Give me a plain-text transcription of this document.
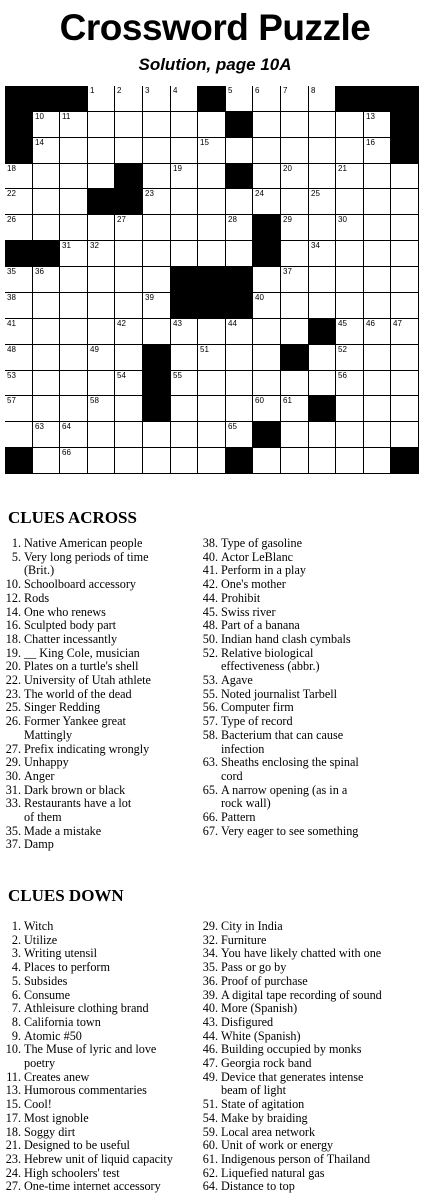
Crossword Puzzle
Solution, page 10A
1	2	3	4	5	6	7	8
10 11	13
14	15	16
18	19	20	21
22	23	24	25
26	27	28	29	30
31 32	34
35 36	37
38	39	40
41	42	43	44	45 46 47
48	49	51	52
53	54	55	56
57	58	60 61
63 64	65
66
CLUES ACROSS
1. Native American people
5. Very long periods of time
(Brit.)
10. Schoolboard accessory
12. Rods
14. One who renews
16. Sculpted body part
18. Chatter incessantly
19. __ King Cole, musician
20. Plates on a turtle's shell
22. University of Utah athlete
23. The world of the dead
25. Singer Redding
26. Former Yankee great
Mattingly
27. Prefix indicating wrongly
29. Unhappy
30. Anger
31. Dark brown or black
33. Restaurants have a lot
of them
35. Made a mistake
37. Damp
38. Type of gasoline
40. Actor LeBlanc
41. Perform in a play
42. One's mother
44. Prohibit
45. Swiss river
48. Part of a banana
50. Indian hand clash cymbals
52. Relative biological
effectiveness (abbr.)
53. Agave
55. Noted journalist Tarbell
56. Computer firm
57. Type of record
58. Bacterium that can cause
infection
63. Sheaths enclosing the spinal
cord
65. A narrow opening (as in a
rock wall)
66. Pattern
67. Very eager to see something
CLUES DOWN
1. Witch
2. Utilize
3. Writing utensil
4. Places to perform
5. Subsides
6. Consume
7. Athleisure clothing brand
8. California town
9. Atomic #50
10. The Muse of lyric and love
poetry
11. Creates anew
13. Humorous commentaries
15. Cool!
17. Most ignoble
18. Soggy dirt
21. Designed to be useful
23. Hebrew unit of liquid capacity
24. High schoolers' test
27. One-time internet accessory
29. City in India
32. Furniture
34. You have likely chatted with one
35. Pass or go by
36. Proof of purchase
39. A digital tape recording of sound
40. More (Spanish)
43. Disfigured
44. White (Spanish)
46. Building occupied by monks
47. Georgia rock band
49. Device that generates intense
beam of light
51. State of agitation
54. Make by braiding
59. Local area network
60. Unit of work or energy
61. Indigenous person of Thailand
62. Liquefied natural gas
64. Distance to top
